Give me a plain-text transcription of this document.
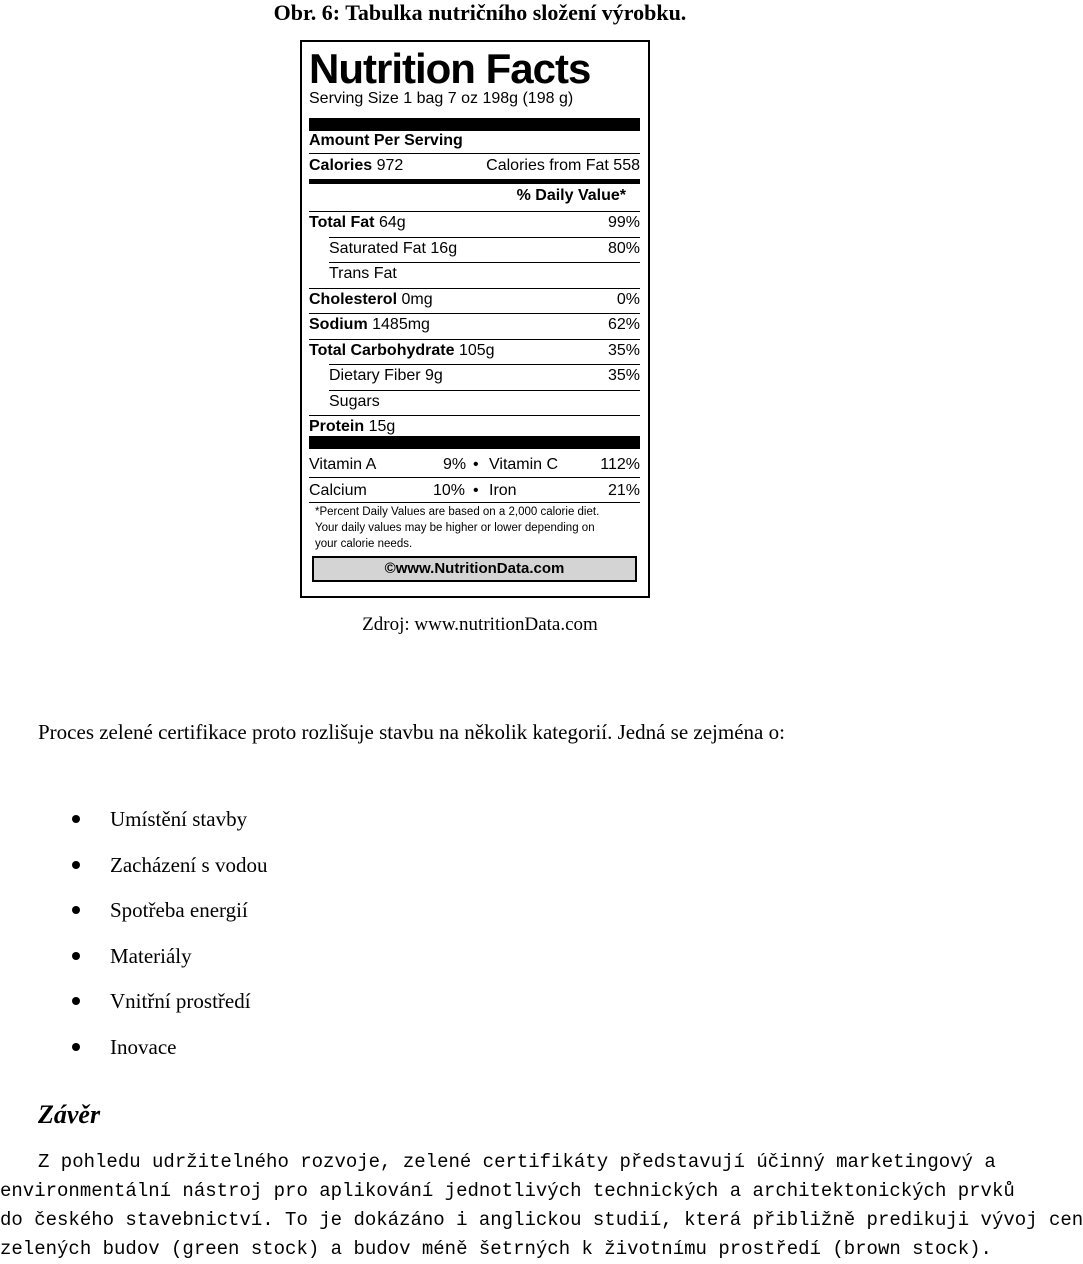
Obr. 6: Tabulka nutričního složení výrobku.
Nutrition Facts
Serving Size 1 bag 7 oz 198g (198 g)
Amount Per Serving
Calories 972	Calories from Fat 558
% Daily Value*
Total Fat 64g	99%
Saturated Fat 16g	80%
Trans Fat
Cholesterol 0mg	0%
Sodium 1485mg	62%
Total Carbohydrate 105g	35%
Dietary Fiber 9g	35%
Sugars
Protein 15g
Vitamin A	9% • Vitamin C	112%
Calcium	10% • Iron	21%
*Percent Daily Values are based on a 2,000 calorie diet.
Your daily values may be higher or lower depending on
your calorie needs.
©www.NutritionData.com
Zdroj: www.nutritionData.com
Proces zelené certifikace proto rozlišuje stavbu na několik kategorií. Jedná se zejména o:
Umístění stavby
Zacházení s vodou
Spotřeba energií
Materiály
Vnitřní prostředí
Inovace
Závěr
Z pohledu udržitelného rozvoje, zelené certifikáty představují účinný marketingový a
environmentální nástroj pro aplikování jednotlivých technických a architektonických prvků
do českého stavebnictví. To je dokázáno i anglickou studií, která přibližně predikuji vývoj cen
zelených budov (green stock) a budov méně šetrných k životnímu prostředí (brown stock).
